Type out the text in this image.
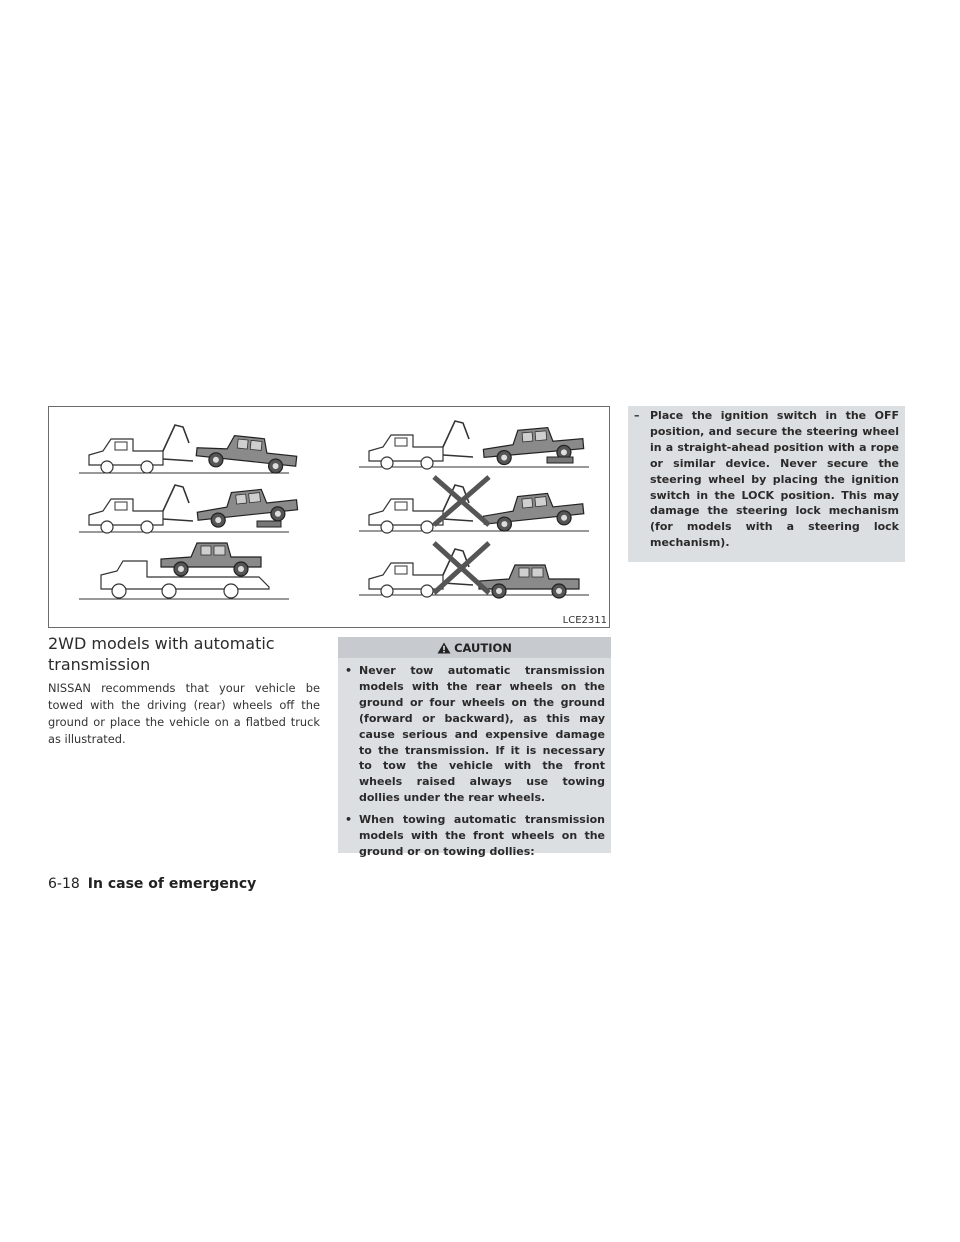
LCE2311
2WD models with automatic transmission

NISSAN recommends that your vehicle be towed with the driving (rear) wheels off the ground or place the vehicle on a flatbed truck as illustrated.

CAUTION
• Never tow automatic transmission models with the rear wheels on the ground or four wheels on the ground (forward or backward), as this may cause serious and expensive damage to the transmission. If it is necessary to tow the vehicle with the front wheels raised always use towing dollies under the rear wheels.
• When towing automatic transmission models with the front wheels on the ground or on towing dollies:

– Place the ignition switch in the OFF position, and secure the steering wheel in a straight-ahead position with a rope or similar device. Never secure the steering wheel by placing the ignition switch in the LOCK position. This may damage the steering lock mechanism (for models with a steering lock mechanism).

6-18 In case of emergency
